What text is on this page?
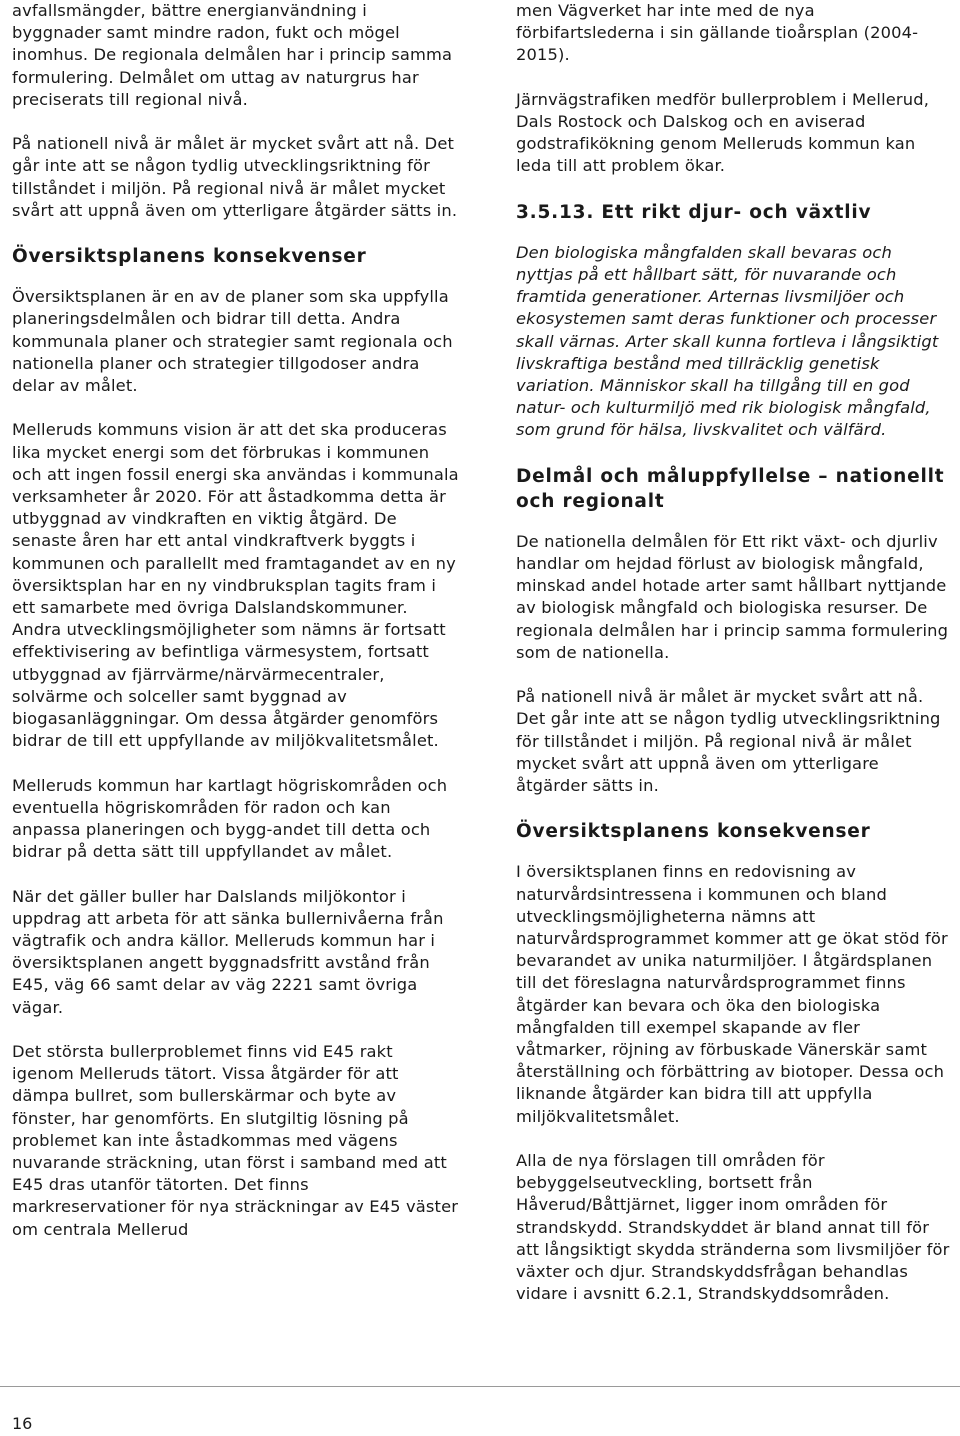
avfallsmängder, bättre energianvändning i byggnader samt mindre radon, fukt och mögel inomhus. De regionala delmålen har i princip samma formulering. Delmålet om uttag av naturgrus har preciserats till regional nivå.

På nationell nivå är målet är mycket svårt att nå. Det går inte att se någon tydlig utvecklingsriktning för tillståndet i miljön. På regional nivå är målet mycket svårt att uppnå även om ytterligare åtgärder sätts in.

Översiktsplanens konsekvenser

Översiktsplanen är en av de planer som ska uppfylla planeringsdelmålen och bidrar till detta. Andra kommunala planer och strategier samt regionala och nationella planer och strategier tillgodoser andra delar av målet.

Melleruds kommuns vision är att det ska produceras lika mycket energi som det förbrukas i kommunen och att ingen fossil energi ska användas i kommunala verksamheter år 2020. För att åstadkomma detta är utbyggnad av vindkraften en viktig åtgärd. De senaste åren har ett antal vindkraftverk byggts i kommunen och parallellt med framtagandet av en ny översiktsplan har en ny vindbruksplan tagits fram i ett samarbete med övriga Dalslandskommuner. Andra utvecklingsmöjligheter som nämns är fortsatt effektivisering av befintliga värmesystem, fortsatt utbyggnad av fjärrvärme/närvärmecentraler, solvärme och solceller samt byggnad av biogasanläggningar. Om dessa åtgärder genomförs bidrar de till ett uppfyllande av miljökvalitetsmålet.

Melleruds kommun har kartlagt högriskområden och eventuella högriskområden för radon och kan anpassa planeringen och bygg-andet till detta och bidrar på detta sätt till uppfyllandet av målet.

När det gäller buller har Dalslands miljökontor i uppdrag att arbeta för att sänka bullernivåerna från vägtrafik och andra källor. Melleruds kommun har i översiktsplanen angett byggnadsfritt avstånd från E45, väg 66 samt delar av väg 2221 samt övriga vägar.

Det största bullerproblemet finns vid E45 rakt igenom Melleruds tätort. Vissa åtgärder för att dämpa bullret, som bullerskärmar och byte av fönster, har genomförts. En slutgiltig lösning på problemet kan inte åstadkommas med vägens nuvarande sträckning, utan först i samband med att E45 dras utanför tätorten. Det finns markreservationer för nya sträckningar av E45 väster om centrala Mellerud

men Vägverket har inte med de nya förbifartslederna i sin gällande tioårsplan (2004-2015).

Järnvägstrafiken medför bullerproblem i Mellerud, Dals Rostock och Dalskog och en aviserad godstrafikökning genom Melleruds kommun kan leda till att problem ökar.

3.5.13. Ett rikt djur- och växtliv

Den biologiska mångfalden skall bevaras och nyttjas på ett hållbart sätt, för nuvarande och framtida generationer. Arternas livsmiljöer och ekosystemen samt deras funktioner och processer skall värnas. Arter skall kunna fortleva i långsiktigt livskraftiga bestånd med tillräcklig genetisk variation. Människor skall ha tillgång till en god natur- och kulturmiljö med rik biologisk mångfald, som grund för hälsa, livskvalitet och välfärd.

Delmål och måluppfyllelse – nationellt och regionalt

De nationella delmålen för Ett rikt växt- och djurliv handlar om hejdad förlust av biologisk mångfald, minskad andel hotade arter samt hållbart nyttjande av biologisk mångfald och biologiska resurser. De regionala delmålen har i princip samma formulering som de nationella.

På nationell nivå är målet är mycket svårt att nå. Det går inte att se någon tydlig utvecklingsriktning för tillståndet i miljön. På regional nivå är målet mycket svårt att uppnå även om ytterligare åtgärder sätts in.

Översiktsplanens konsekvenser

I översiktsplanen finns en redovisning av naturvårdsintressena i kommunen och bland utvecklingsmöjligheterna nämns att naturvårdsprogrammet kommer att ge ökat stöd för bevarandet av unika naturmiljöer. I åtgärdsplanen till det föreslagna naturvårdsprogrammet finns åtgärder kan bevara och öka den biologiska mångfalden till exempel skapande av fler våtmarker, röjning av förbuskade Vänerskär samt återställning och förbättring av biotoper. Dessa och liknande åtgärder kan bidra till att uppfylla miljökvalitetsmålet.

Alla de nya förslagen till områden för bebyggelseutveckling, bortsett från Håverud/Båttjärnet, ligger inom områden för strandskydd. Strandskyddet är bland annat till för att långsiktigt skydda stränderna som livsmiljöer för växter och djur. Strandskyddsfrågan behandlas vidare i avsnitt 6.2.1, Strandskyddsområden.

16
